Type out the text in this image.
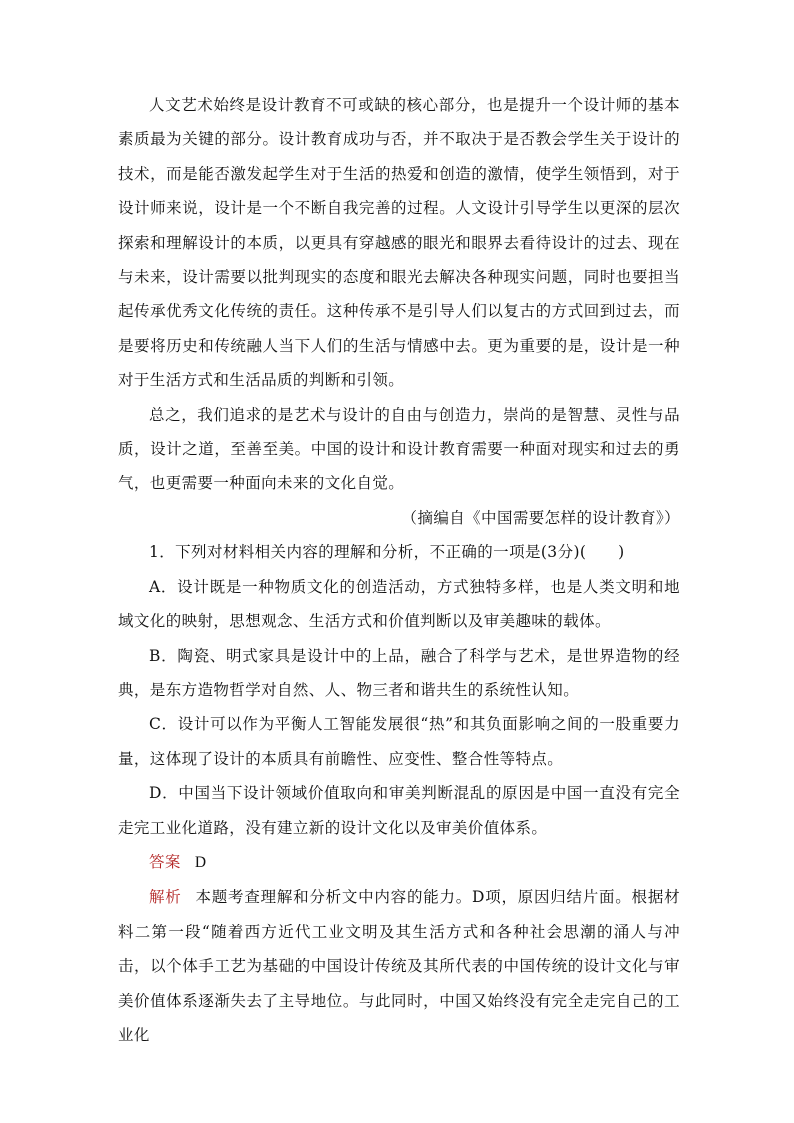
人文艺术始终是设计教育不可或缺的核心部分，也是提升一个设计师的基本素质最为关键的部分。设计教育成功与否，并不取决于是否教会学生关于设计的技术，而是能否激发起学生对于生活的热爱和创造的激情，使学生领悟到，对于设计师来说，设计是一个不断自我完善的过程。人文设计引导学生以更深的层次探索和理解设计的本质，以更具有穿越感的眼光和眼界去看待设计的过去、现在与未来，设计需要以批判现实的态度和眼光去解决各种现实问题，同时也要担当起传承优秀文化传统的责任。这种传承不是引导人们以复古的方式回到过去，而是要将历史和传统融人当下人们的生活与情感中去。更为重要的是，设计是一种对于生活方式和生活品质的判断和引领。

总之，我们追求的是艺术与设计的自由与创造力，崇尚的是智慧、灵性与品质，设计之道，至善至美。中国的设计和设计教育需要一种面对现实和过去的勇气，也更需要一种面向未来的文化自觉。

（摘编自《中国需要怎样的设计教育》）

1．下列对材料相关内容的理解和分析，不正确的一项是(3分)(　　)

A．设计既是一种物质文化的创造活动，方式独特多样，也是人类文明和地域文化的映射，思想观念、生活方式和价值判断以及审美趣味的载体。

B．陶瓷、明式家具是设计中的上品，融合了科学与艺术，是世界造物的经典，是东方造物哲学对自然、人、物三者和谐共生的系统性认知。

C．设计可以作为平衡人工智能发展很“热”和其负面影响之间的一股重要力量，这体现了设计的本质具有前瞻性、应变性、整合性等特点。

D．中国当下设计领域价值取向和审美判断混乱的原因是中国一直没有完全走完工业化道路，没有建立新的设计文化以及审美价值体系。

答案 D

解析 本题考查理解和分析文中内容的能力。D项，原因归结片面。根据材料二第一段“随着西方近代工业文明及其生活方式和各种社会思潮的涌人与冲击，以个体手工艺为基础的中国设计传统及其所代表的中国传统的设计文化与审美价值体系逐渐失去了主导地位。与此同时，中国又始终没有完全走完自己的工业化
